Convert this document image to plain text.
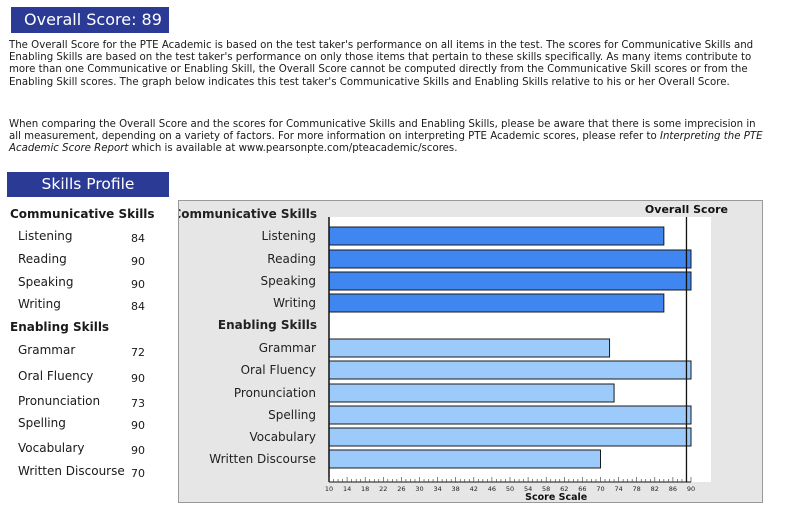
Overall Score: 89

The Overall Score for the PTE Academic is based on the test taker's performance on all items in the test. The scores for Communicative Skills and Enabling Skills are based on the test taker's performance on only those items that pertain to these skills specifically. As many items contribute to more than one Communicative or Enabling Skill, the Overall Score cannot be computed directly from the Communicative Skill scores or from the Enabling Skill scores. The graph below indicates this test taker's Communicative Skills and Enabling Skills relative to his or her Overall Score.

When comparing the Overall Score and the scores for Communicative Skills and Enabling Skills, please be aware that there is some imprecision in all measurement, depending on a variety of factors. For more information on interpreting PTE Academic scores, please refer to Interpreting the PTE Academic Score Report which is available at www.pearsonpte.com/pteacademic/scores.

Skills Profile
Communicative Skills
Listening	84
Reading	90
Speaking	90
Writing	84
Enabling Skills
Grammar	72
Oral Fluency	90
Pronunciation	73
Spelling	90
Vocabulary	90
Written Discourse 70
Communicative Skills
Listening
Reading
Speaking
Writing
Enabling Skills
Grammar
Oral Fluency
Pronunciation
Spelling
Vocabulary
Written Discourse
10 14 18 22 26 30 34 38 42 46 50 54 58 62 66 70 74 78 82 86 90
Overall Score
Score Scale
